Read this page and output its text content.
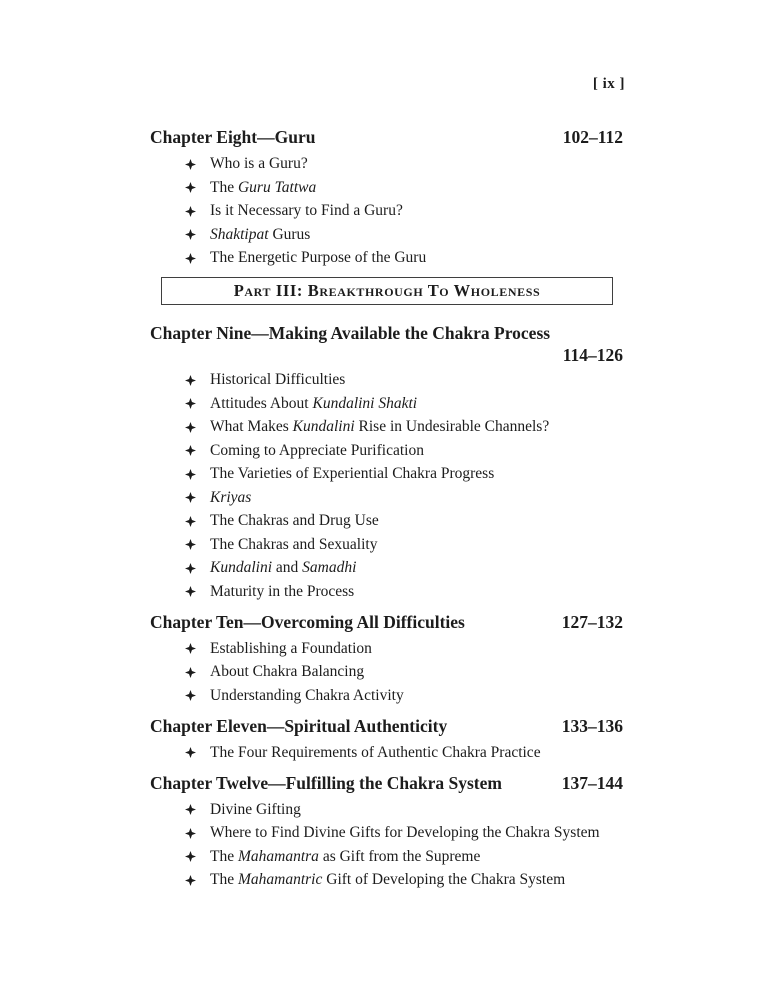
[ ix ]
Chapter Eight—Guru	102–112
Who is a Guru?
The Guru Tattwa
Is it Necessary to Find a Guru?
Shaktipat Gurus
The Energetic Purpose of the Guru
Part III: Breakthrough To Wholeness
Chapter Nine—Making Available the Chakra Process
114–126
Historical Difficulties
Attitudes About Kundalini Shakti
What Makes Kundalini Rise in Undesirable Channels?
Coming to Appreciate Purification
The Varieties of Experiential Chakra Progress
Kriyas
The Chakras and Drug Use
The Chakras and Sexuality
Kundalini and Samadhi
Maturity in the Process
Chapter Ten—Overcoming All Difficulties	127–132
Establishing a Foundation
About Chakra Balancing
Understanding Chakra Activity
Chapter Eleven—Spiritual Authenticity	133–136
The Four Requirements of Authentic Chakra Practice
Chapter Twelve—Fulfilling the Chakra System	137–144
Divine Gifting
Where to Find Divine Gifts for Developing the Chakra System
The Mahamantra as Gift from the Supreme
The Mahamantric Gift of Developing the Chakra System
